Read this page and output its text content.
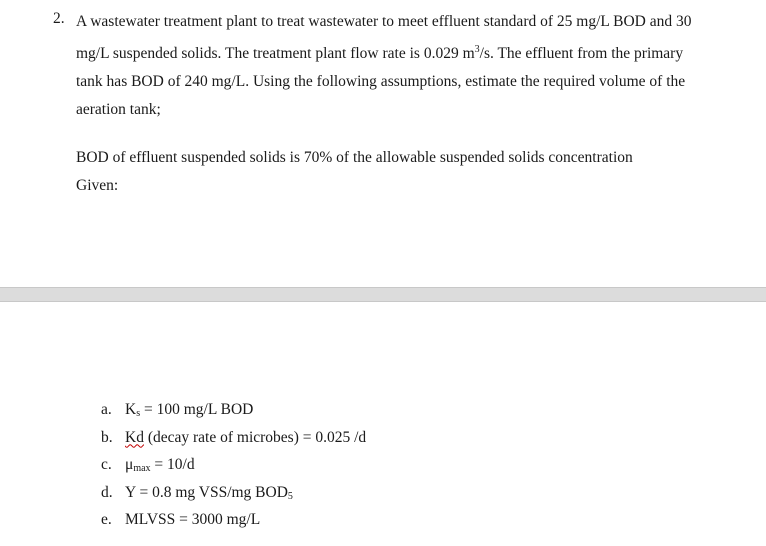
2. A wastewater treatment plant to treat wastewater to meet effluent standard of 25 mg/L BOD and 30
mg/L suspended solids. The treatment plant flow rate is 0.029 $m^3/s$. The effluent from the primary
tank has BOD of 240 mg/L. Using the following assumptions, estimate the required volume of the
aeration tank;
BOD of effluent suspended solids is 70% of the allowable suspended solids concentration
Given:
a. $K_s = 100$ mg/L BOD
b. Kd (decay rate of microbes) = 0.025 /d
c. $\mu_{max} = 10/d$
d. Y = 0.8 mg VSS/mg $BOD_5$
e. MLVSS = 3000 mg/L
